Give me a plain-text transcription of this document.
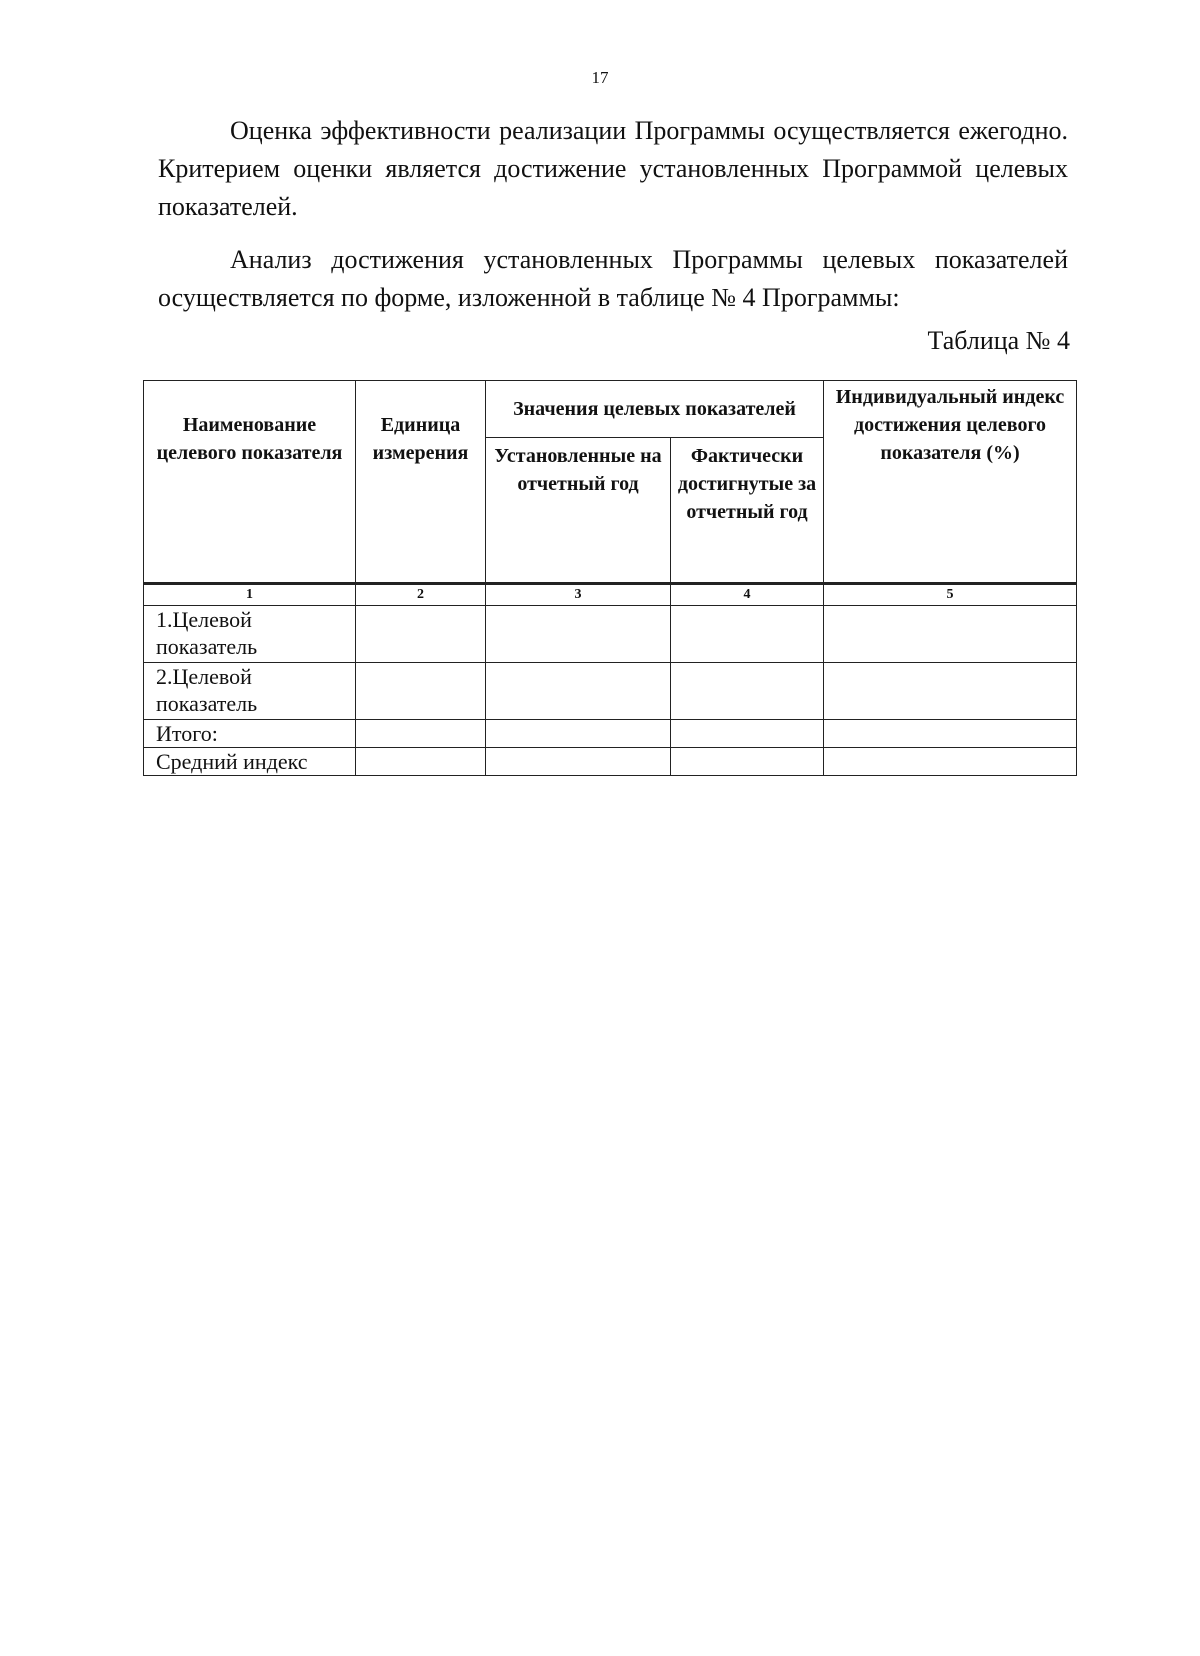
17

Оценка эффективности реализации Программы осуществляется ежегодно. Критерием оценки является достижение установленных Программой целевых показателей.

Анализ достижения установленных Программы целевых показателей осуществляется по форме, изложенной в таблице № 4 Программы:

Таблица № 4
Наименование целевого показателя	Единица измерения	Значения целевых показателей		Индивидуальный индекс достижения целевого показателя (%)
		Установленные на отчетный год	Фактически достигнутые за отчетный год	
1	2	3	4	5
1.Целевой показатель				
2.Целевой показатель				
Итого:				
Средний индекс				
